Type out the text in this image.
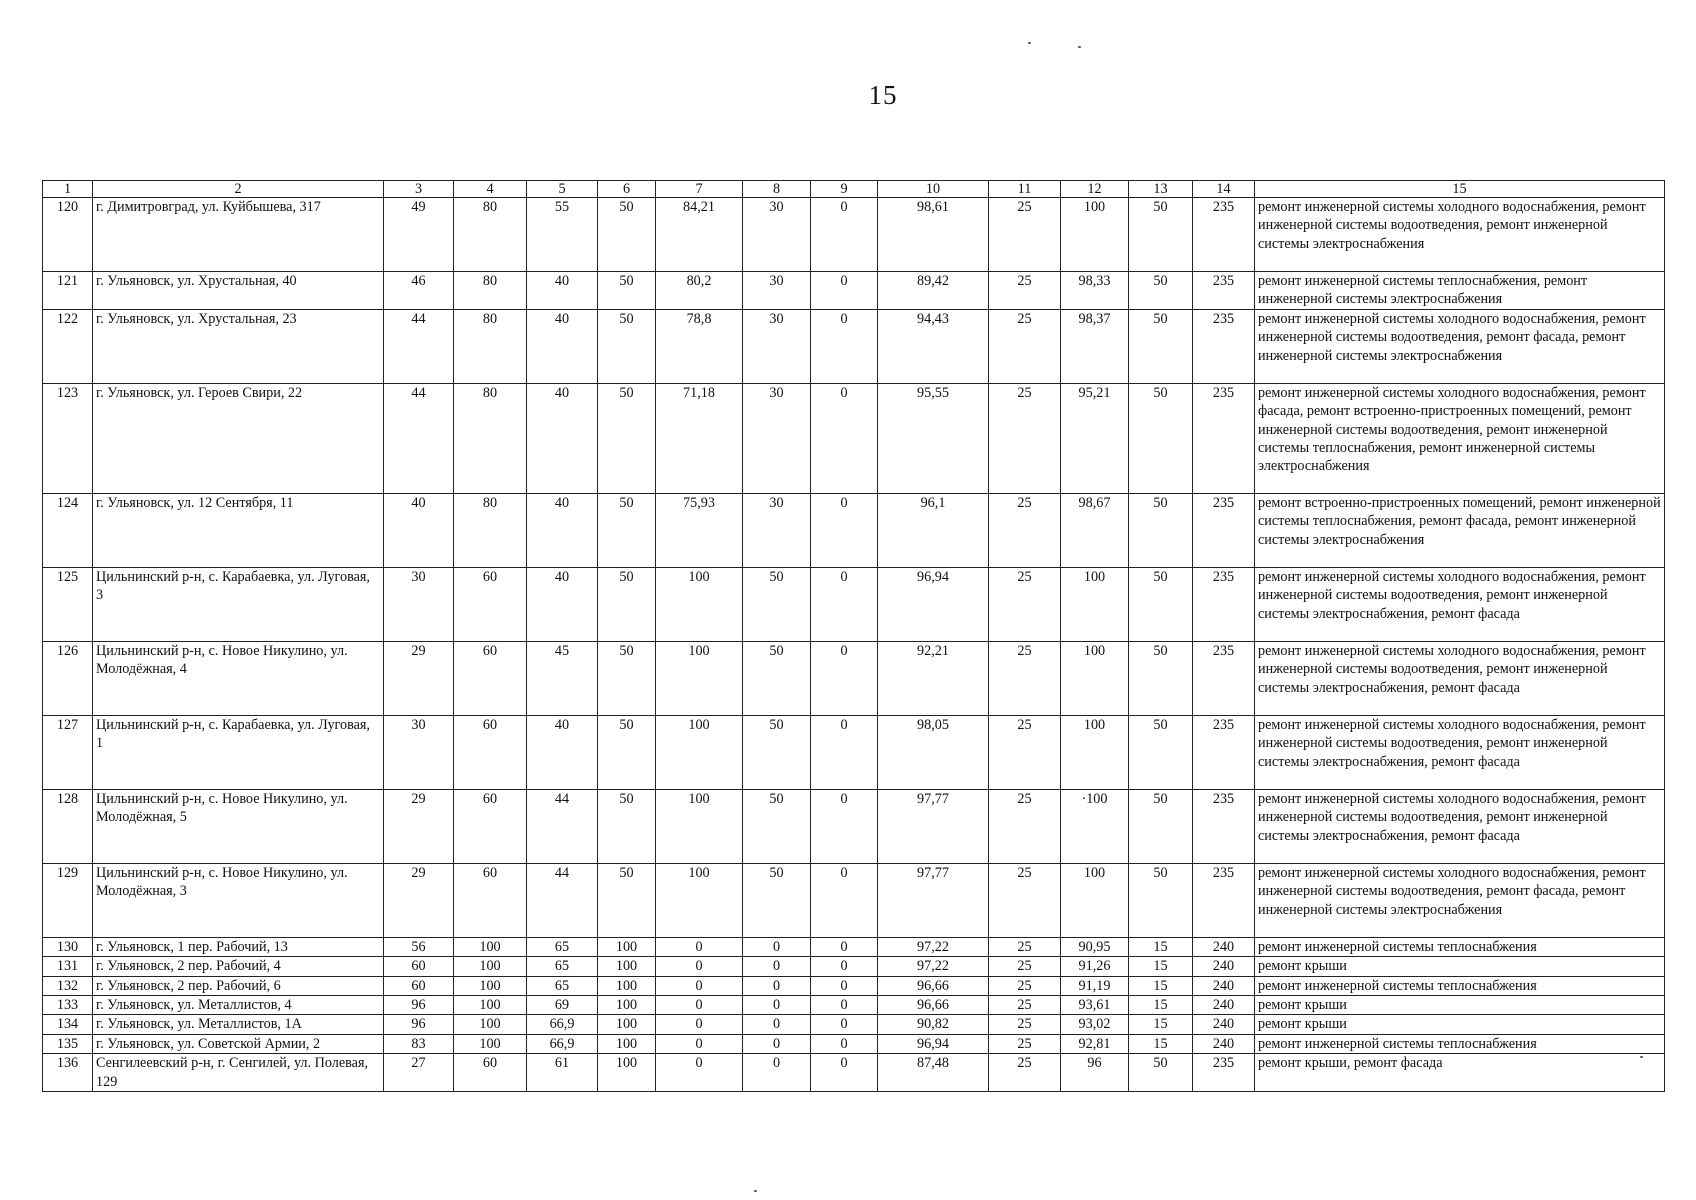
15
1	2	3	4	5	6	7	8	9	10	11	12	13	14	15
120	г. Димитровград, ул. Куйбышева, 317	49	80	55	50	84,21	30	0	98,61	25	100	50	235	ремонт инженерной системы холодного водоснабжения, ремонт инженерной системы водоотведения, ремонт инженерной системы электроснабжения
121	г. Ульяновск, ул. Хрустальная, 40	46	80	40	50	80,2	30	0	89,42	25	98,33	50	235	ремонт инженерной системы теплоснабжения, ремонт инженерной системы электроснабжения
122	г. Ульяновск, ул. Хрустальная, 23	44	80	40	50	78,8	30	0	94,43	25	98,37	50	235	ремонт инженерной системы холодного водоснабжения, ремонт инженерной системы водоотведения, ремонт фасада, ремонт инженерной системы электроснабжения
123	г. Ульяновск, ул. Героев Свири, 22	44	80	40	50	71,18	30	0	95,55	25	95,21	50	235	ремонт инженерной системы холодного водоснабжения, ремонт фасада, ремонт встроенно-пристроенных помещений, ремонт инженерной системы водоотведения, ремонт инженерной системы теплоснабжения, ремонт инженерной системы электроснабжения
124	г. Ульяновск, ул. 12 Сентября, 11	40	80	40	50	75,93	30	0	96,1	25	98,67	50	235	ремонт встроенно-пристроенных помещений, ремонт инженерной системы теплоснабжения, ремонт фасада, ремонт инженерной системы электроснабжения
125	Цильнинский р-н, с. Карабаевка, ул. Луговая, 3	30	60	40	50	100	50	0	96,94	25	100	50	235	ремонт инженерной системы холодного водоснабжения, ремонт инженерной системы водоотведения, ремонт инженерной системы электроснабжения, ремонт фасада
126	Цильнинский р-н, с. Новое Никулино, ул. Молодёжная, 4	29	60	45	50	100	50	0	92,21	25	100	50	235	ремонт инженерной системы холодного водоснабжения, ремонт инженерной системы водоотведения, ремонт инженерной системы электроснабжения, ремонт фасада
127	Цильнинский р-н, с. Карабаевка, ул. Луговая, 1	30	60	40	50	100	50	0	98,05	25	100	50	235	ремонт инженерной системы холодного водоснабжения, ремонт инженерной системы водоотведения, ремонт инженерной системы электроснабжения, ремонт фасада
128	Цильнинский р-н, с. Новое Никулино, ул. Молодёжная, 5	29	60	44	50	100	50	0	97,77	25	·100	50	235	ремонт инженерной системы холодного водоснабжения, ремонт инженерной системы водоотведения, ремонт инженерной системы электроснабжения, ремонт фасада
129	Цильнинский р-н, с. Новое Никулино, ул. Молодёжная, 3	29	60	44	50	100	50	0	97,77	25	100	50	235	ремонт инженерной системы холодного водоснабжения, ремонт инженерной системы водоотведения, ремонт фасада, ремонт инженерной системы электроснабжения
130	г. Ульяновск, 1 пер. Рабочий, 13	56	100	65	100	0	0	0	97,22	25	90,95	15	240	ремонт инженерной системы теплоснабжения
131	г. Ульяновск, 2 пер. Рабочий, 4	60	100	65	100	0	0	0	97,22	25	91,26	15	240	ремонт крыши
132	г. Ульяновск, 2 пер. Рабочий, 6	60	100	65	100	0	0	0	96,66	25	91,19	15	240	ремонт инженерной системы теплоснабжения
133	г. Ульяновск, ул. Металлистов, 4	96	100	69	100	0	0	0	96,66	25	93,61	15	240	ремонт крыши
134	г. Ульяновск, ул. Металлистов, 1А	96	100	66,9	100	0	0	0	90,82	25	93,02	15	240	ремонт крыши
135	г. Ульяновск, ул. Советской Армии, 2	83	100	66,9	100	0	0	0	96,94	25	92,81	15	240	ремонт инженерной системы теплоснабжения
136	Сенгилеевский р-н, г. Сенгилей, ул. Полевая, 129	27	60	61	100	0	0	0	87,48	25	96	50	235	ремонт крыши, ремонт фасада
